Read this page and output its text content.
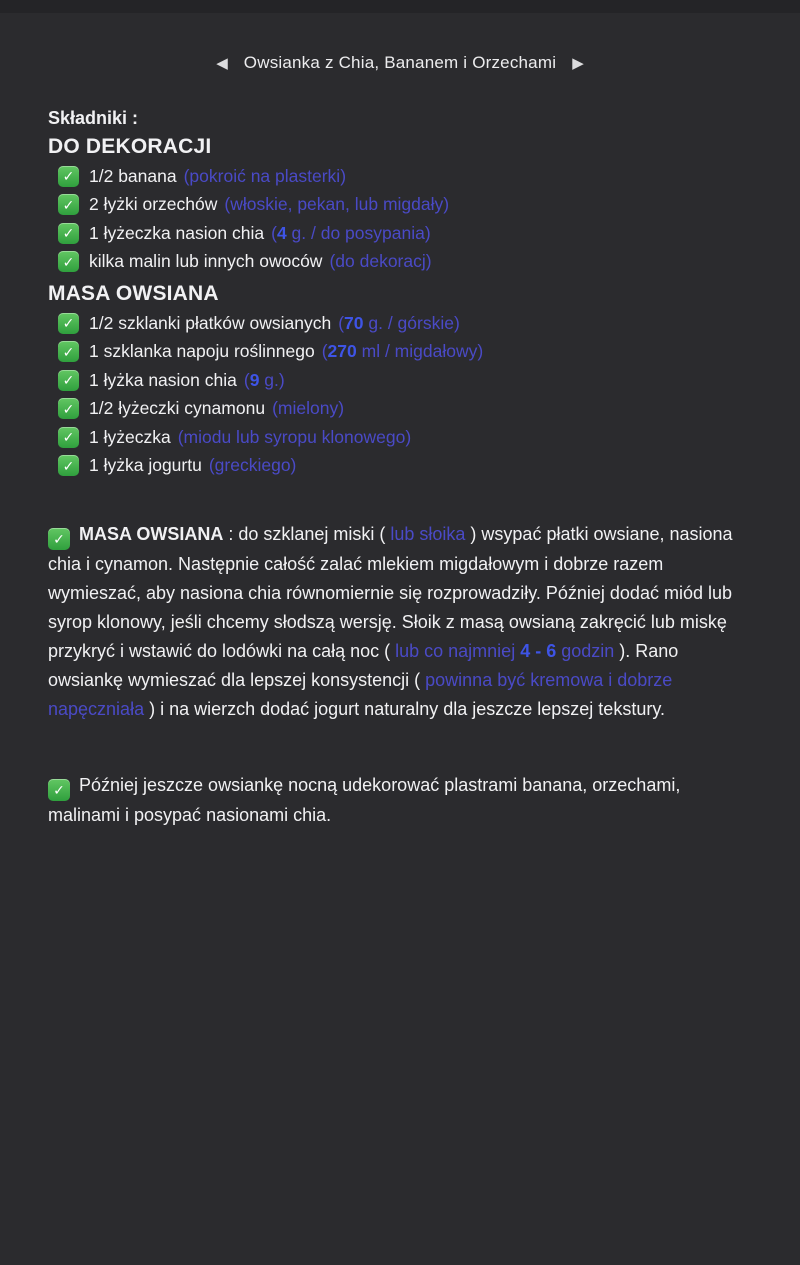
◀ Owsianka z Chia, Bananem i Orzechami ▶
Składniki :
DO DEKORACJI
✓
1/2 banana (pokroić na plasterki)
✓
2 łyżki orzechów (włoskie, pekan, lub migdały)
✓
1 łyżeczka nasion chia (4 g. / do posypania)
✓
kilka malin lub innych owoców (do dekoracj)
MASA OWSIANA
✓
1/2 szklanki płatków owsianych (70 g. / górskie)
✓
1 szklanka napoju roślinnego (270 ml / migdałowy)
✓
1 łyżka nasion chia (9 g.)
✓
1/2 łyżeczki cynamonu (mielony)
✓
1 łyżeczka (miodu lub syropu klonowego)
✓
1 łyżka jogurtu (greckiego)
✓MASA OWSIANA : do szklanej miski ( lub słoika ) wsypać płatki owsiane, nasiona chia i cynamon. Następnie całość zalać mlekiem migdałowym i dobrze razem wymieszać, aby nasiona chia równomiernie się rozprowadziły. Później dodać miód lub syrop klonowy, jeśli chcemy słodszą wersję. Słoik z masą owsianą zakręcić lub miskę przykryć i wstawić do lodówki na całą noc ( lub co najmniej 4 - 6 godzin ). Rano owsiankę wymieszać dla lepszej konsystencji ( powinna być kremowa i dobrze napęczniała ) i na wierzch dodać jogurt naturalny dla jeszcze lepszej tekstury.
✓Później jeszcze owsiankę nocną udekorować plastrami banana, orzechami, malinami i posypać nasionami chia.
